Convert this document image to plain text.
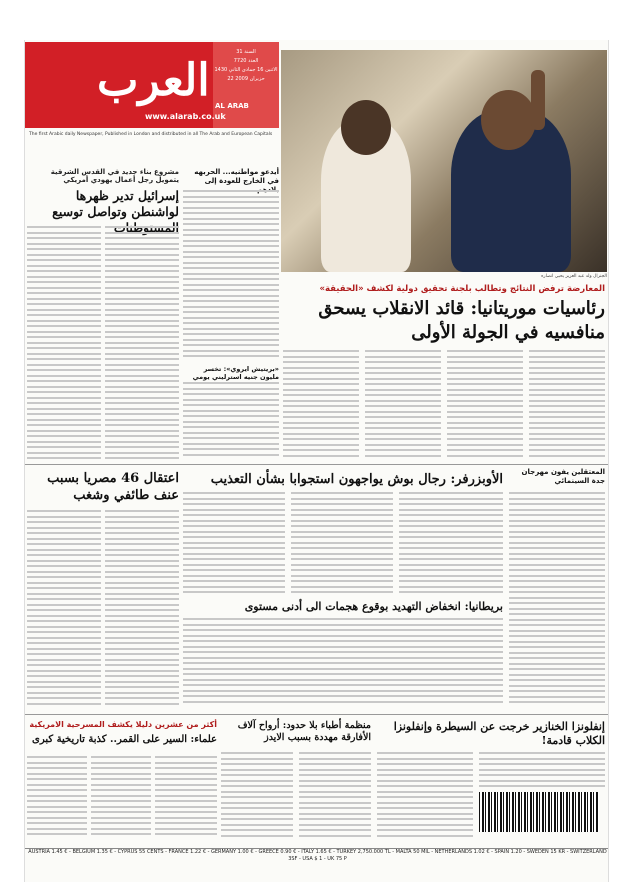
السنة 31
العدد 7720
الاثنين 16 جمادى الثاني 1430
22 حزيران 2009
العرب AL ARAB
www.alarab.co.uk
The first Arabic daily Newspaper, Published in London and distributed in all The Arab and European Capitals
الجنرال ولد عبد العزيز يحيي انصاره
المعارضة ترفض النتائج وتطالب بلجنة تحقيق دولية لكشف «الحقيقة»
رئاسيات موريتانيا: قائد الانقلاب يسحق
منافسيه في الجولة الأولى
مشروع بناء جديد في القدس الشرقية يتمويل رجل أعمال يهودي أمريكي
إسرائيل تدير ظهرها لواشنطن وتواصل توسيع
أيدعو مواطنيه... الحربهه في الخارج للعودة إلى
«بريتيش ايروي»: تخسر مليون جنيه استرليني يومي
اعتقال 46 مصريا بسبب عنف طائفي وشغب
الأوبزرفر: رجال بوش يواجهون استجوابا بشأن التعذيب	المعتقلين يفون مهرجان جدة السينمائي
بريطانيا: انخفاض التهديد بوقوع هجمات الى أدنى مستوى
أكثر من عشرين دليلا يكشف المسرحية الامريكية
علماء: السير على القمر.. كذبة تاريخية كبرى
منظمة أطباء بلا حدود: أرواح آلاف الأفارقة مهددة بسبب الايدز
إنفلونزا الخنازير خرجت عن السيطرة وإنفلونزا الكلاب قادمة!
AUSTRIA 1.45 € - BELGIUM 1.35 € - CYPRUS 55 CENTS - FRANCE 1.22 € - GERMANY 1.00 € - GREECE 0.90 € - ITALY 1.65 € - TURKEY 2,750.000 TL - MALTA 50 MIL - NETHERLANDS 1.02 € - SPAIN 1.20 - SWEDEN 15 KR - SWITZERLAND 3SF - USA $ 1 - UK 75 P
